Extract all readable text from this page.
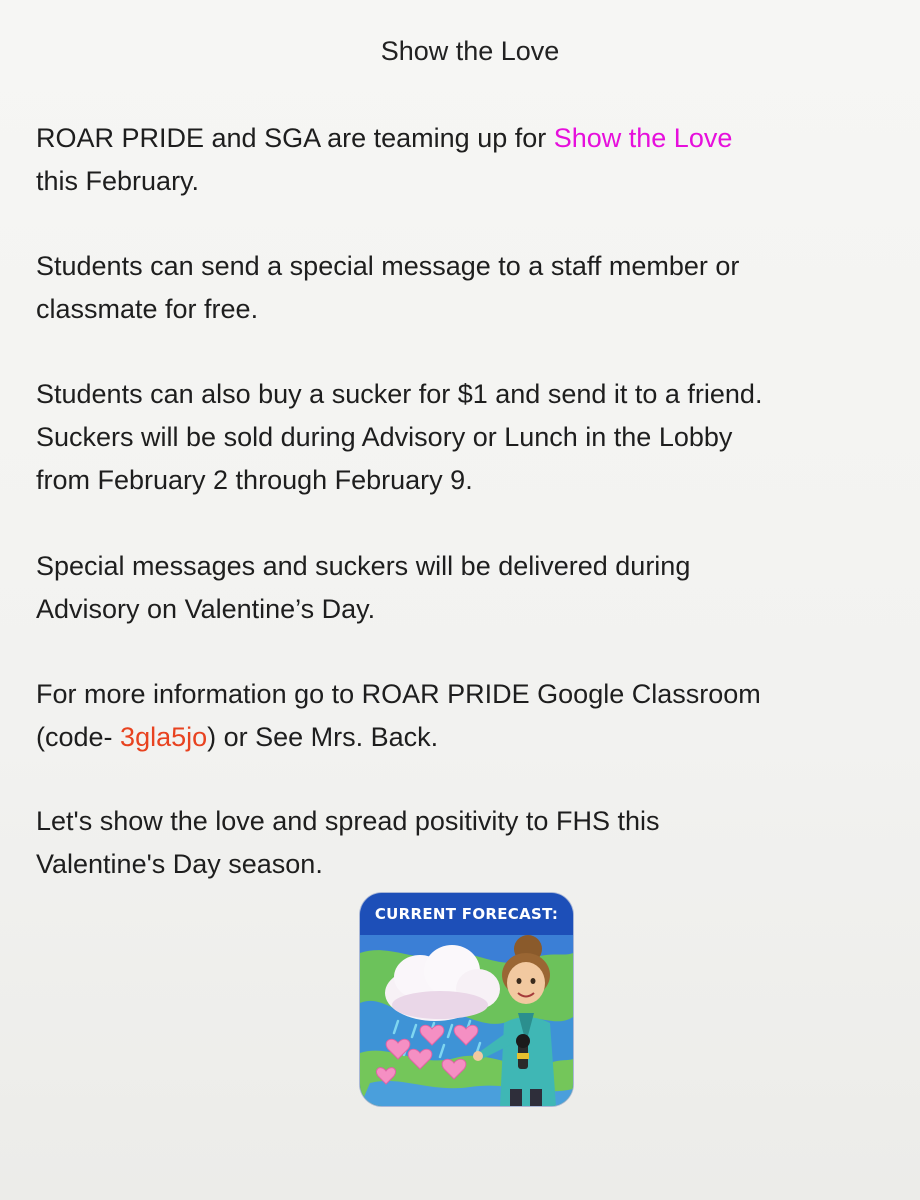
Show the Love
ROAR PRIDE and SGA are teaming up for Show the Love
this February.
Students can send a special message to a staff member or
classmate for free.
Students can also buy a sucker for $1 and send it to a friend.
Suckers will be sold during Advisory or Lunch in the Lobby
from February 2 through February 9.
Special messages and suckers will be delivered during
Advisory on Valentine’s Day.
For more information go to ROAR PRIDE Google Classroom
(code- 3gla5jo) or See Mrs. Back.
Let's show the love and spread positivity to FHS this
Valentine's Day season.
CURRENT FORECAST:
